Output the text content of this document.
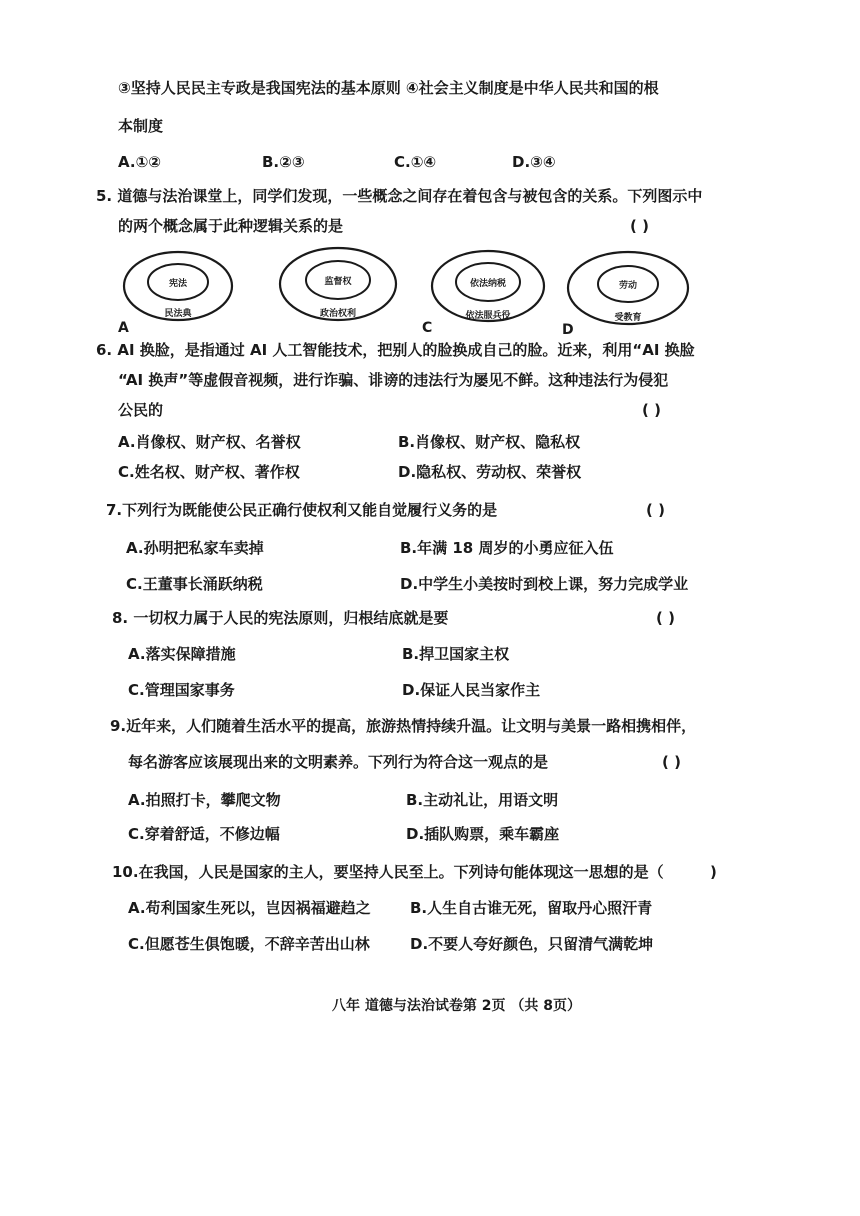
③坚持人民民主专政是我国宪法的基本原则 ④社会主义制度是中华人民共和国的根
本制度
A.①②	B.②③	C.①④	D.③④
5. 道德与法治课堂上，同学们发现，一些概念之间存在着包含与被包含的关系。下列图示中
的两个概念属于此种逻辑关系的是	( )
宪法
民法典
A
监督权
政治权利
依法纳税
依法服兵役
C
劳动
受教育
D
6. AI 换脸，是指通过 AI 人工智能技术，把别人的脸换成自己的脸。近来，利用“AI 换脸
“AI 换声”等虚假音视频，进行诈骗、诽谤的违法行为屡见不鲜。这种违法行为侵犯
公民的	( )
A.肖像权、财产权、名誉权	B.肖像权、财产权、隐私权
C.姓名权、财产权、著作权	D.隐私权、劳动权、荣誉权
7.下列行为既能使公民正确行使权利又能自觉履行义务的是	( )
A.孙明把私家车卖掉	B.年满 18 周岁的小勇应征入伍
C.王董事长涌跃纳税	D.中学生小美按时到校上课，努力完成学业
8. 一切权力属于人民的宪法原则，归根结底就是要	( )
A.落实保障措施	B.捍卫国家主权
C.管理国家事务	D.保证人民当家作主
9.近年来，人们随着生活水平的提高，旅游热情持续升温。让文明与美景一路相携相伴，
每名游客应该展现出来的文明素养。下列行为符合这一观点的是	( )
A.拍照打卡，攀爬文物	B.主动礼让，用语文明
C.穿着舒适，不修边幅	D.插队购票，乘车霸座
10.在我国，人民是国家的主人，要坚持人民至上。下列诗句能体现这一思想的是（	)
A.苟利国家生死以，岂因祸福避趋之	B.人生自古谁无死，留取丹心照汗青
C.但愿苍生俱饱暖，不辞辛苦出山林	D.不要人夸好颜色，只留清气满乾坤
八年 道德与法治试卷第 2页 （共 8页）
